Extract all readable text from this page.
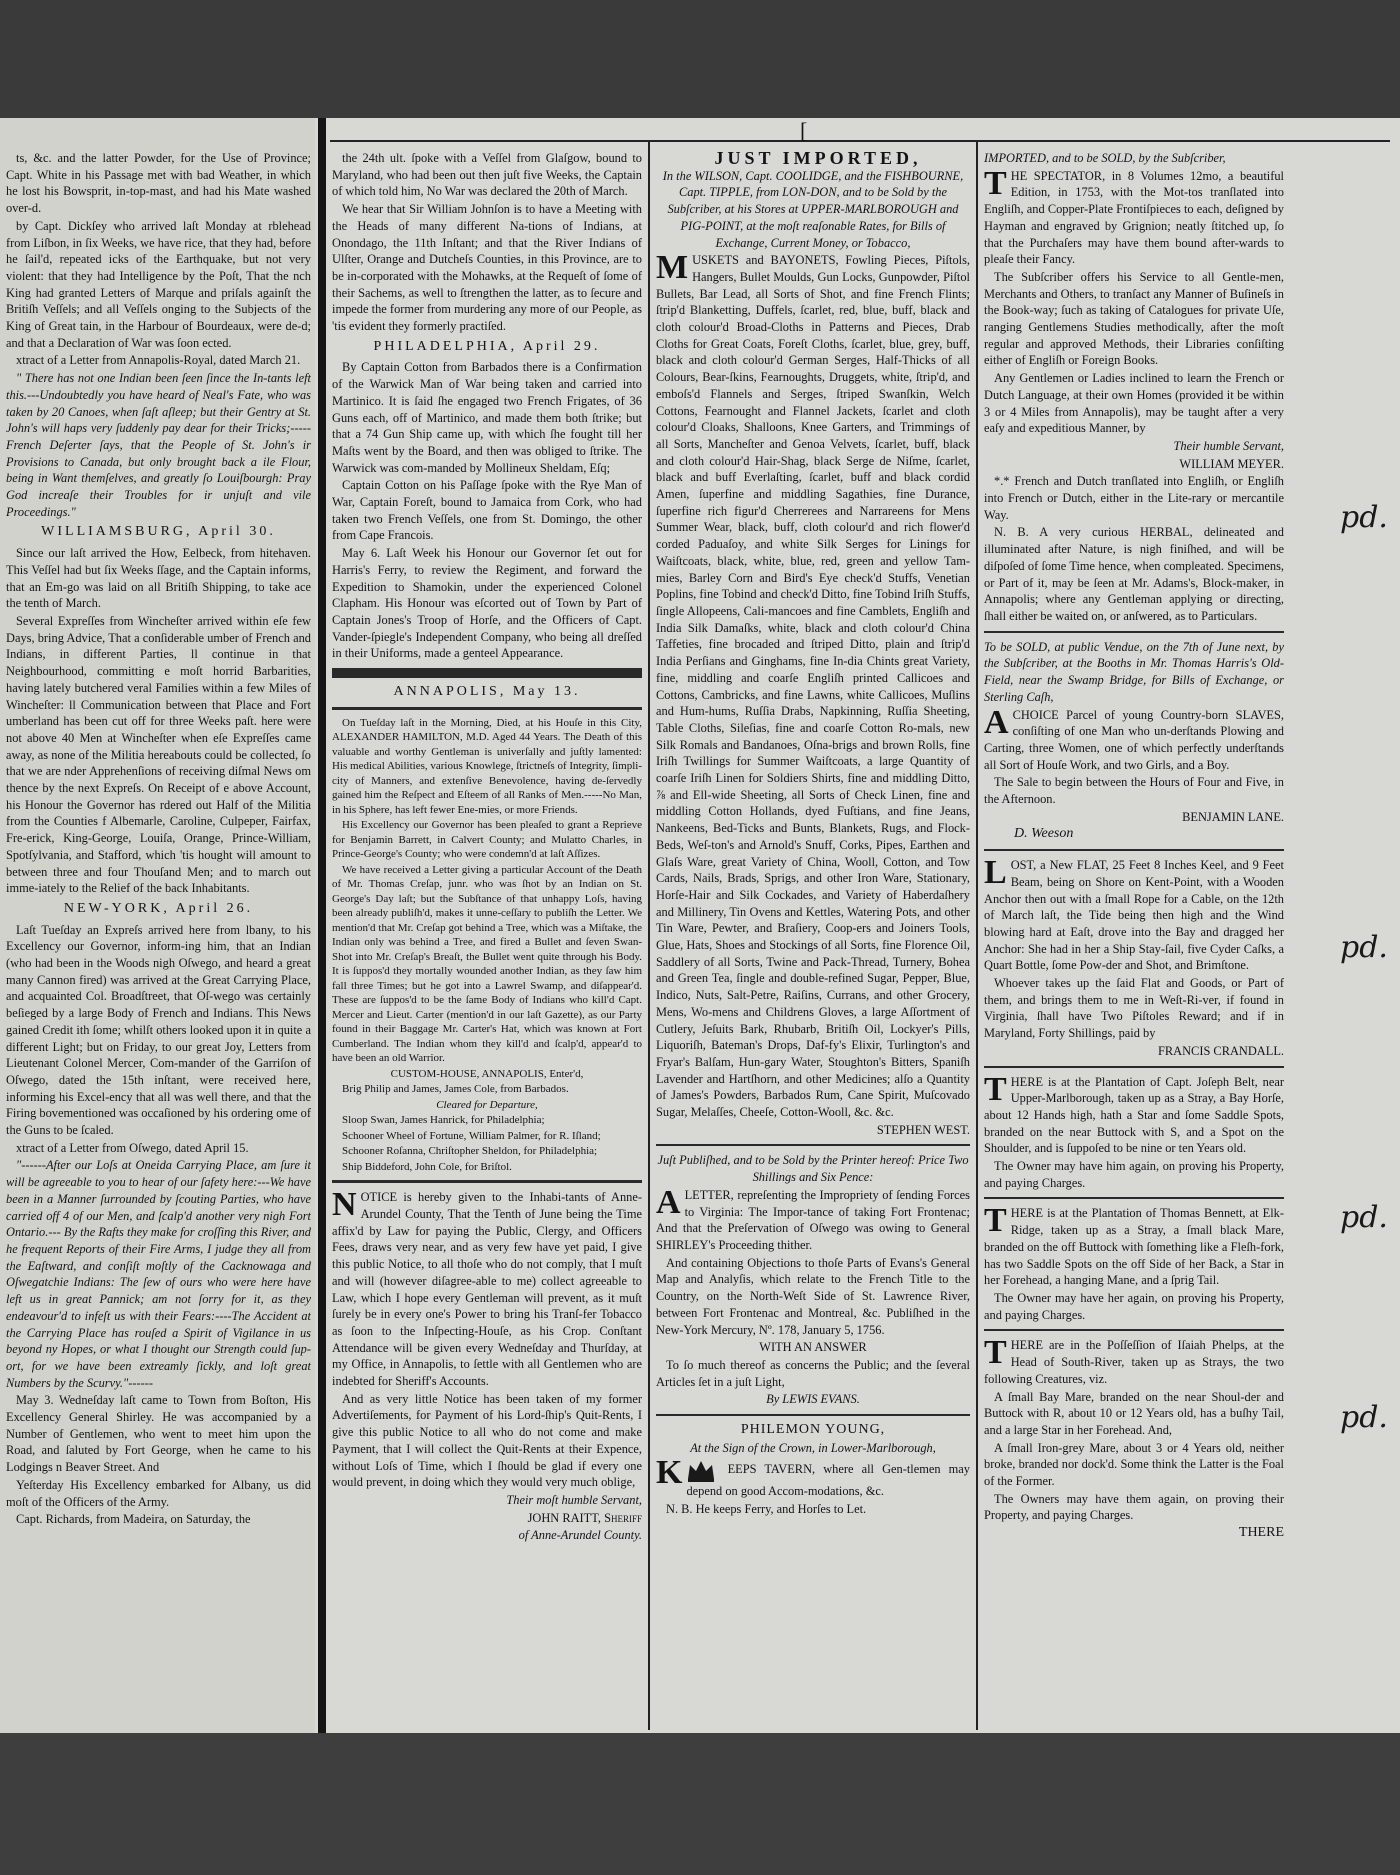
[

ts, &c. and the latter Powder, for the Use of Province; Capt. White in his Passage met with bad Weather, in which he lost his Bowsprit, in-top-mast, and had his Mate washed over-d.

by Capt. Dickſey who arrived laſt Monday at rblehead from Liſbon, in ſix Weeks, we have rice, that they had, before he ſail'd, repeated icks of the Earthquake, but not very violent: that they had Intelligence by the Poſt, That the nch King had granted Letters of Marque and priſals againſt the Britiſh Veſſels; and all Veſſels onging to the Subjects of the King of Great tain, in the Harbour of Bourdeaux, were de-d; and that a Declaration of War was ſoon ected.

xtract of a Letter from Annapolis-Royal, dated March 21.

" There has not one Indian been ſeen ſince the In-tants left this.---Undoubtedly you have heard of Neal's Fate, who was taken by 20 Canoes, when ſaſt aſleep; but their Gentry at St. John's will haps very ſuddenly pay dear for their Tricks;----- French Deſerter ſays, that the People of St. John's ir Provisions to Canada, but only brought back a ile Flour, being in Want themſelves, and greatly ſo Louiſbourgh: Pray God increaſe their Troubles for ir unjuſt and vile Proceedings."

WILLIAMSBURG, April 30.

Since our laſt arrived the How, Eelbeck, from hitehaven. This Veſſel had but ſix Weeks ſſage, and the Captain informs, that an Em-go was laid on all Britiſh Shipping, to take ace the tenth of March.

Several Expreſſes from Wincheſter arrived within eſe few Days, bring Advice, That a conſiderable umber of French and Indians, in different Parties, ll continue in that Neighbourhood, committing e moſt horrid Barbarities, having lately butchered veral Families within a few Miles of Wincheſter: ll Communication between that Place and Fort umberland has been cut off for three Weeks paſt. here were not above 40 Men at Wincheſter when eſe Expreſſes came away, as none of the Militia hereabouts could be collected, ſo that we are nder Apprehenſions of receiving diſmal News om thence by the next Expreſs. On Receipt of e above Account, his Honour the Governor has rdered out Half of the Militia from the Counties f Albemarle, Caroline, Culpeper, Fairfax, Fre-erick, King-George, Louiſa, Orange, Prince-William, Spotſylvania, and Stafford, which 'tis hought will amount to between three and four Thouſand Men; and to march out imme-iately to the Relief of the back Inhabitants.

NEW-YORK, April 26.

Laſt Tueſday an Expreſs arrived here from lbany, to his Excellency our Governor, inform-ing him, that an Indian (who had been in the Woods nigh Oſwego, and heard a great many Cannon fired) was arrived at the Great Carrying Place, and acquainted Col. Broadſtreet, that Oſ-wego was certainly beſieged by a large Body of French and Indians. This News gained Credit ith ſome; whilſt others looked upon it in quite a different Light; but on Friday, to our great Joy, Letters from Lieutenant Colonel Mercer, Com-mander of the Garriſon of Oſwego, dated the 15th inſtant, were received here, informing his Excel-ency that all was well there, and that the Firing bovementioned was occaſioned by his ordering ome of the Guns to be ſcaled.

xtract of a Letter from Oſwego, dated April 15.

"------After our Loſs at Oneida Carrying Place, am ſure it will be agreeable to you to hear of our ſafety here:---We have been in a Manner ſurrounded by ſcouting Parties, who have carried off 4 of our Men, and ſcalp'd another very nigh Fort Ontario.--- By the Rafts they make for croſſing this River, and he frequent Reports of their Fire Arms, I judge they all from the Eaſtward, and conſiſt moſtly of the Cacknowaga and Oſwegatchie Indians: The ſew of ours who were here have left us in great Pannick; am not ſorry for it, as they endeavour'd to infeſt us with their Fears:----The Accident at the Carrying Place has rouſed a Spirit of Vigilance in us beyond ny Hopes, or what I thought our Strength could ſup-ort, for we have been extreamly ſickly, and loſt great Numbers by the Scurvy."------

May 3. Wedneſday laſt came to Town from Boſton, His Excellency General Shirley. He was accompanied by a Number of Gentlemen, who went to meet him upon the Road, and ſaluted by Fort George, when he came to his Lodgings n Beaver Street. And

Yeſterday His Excellency embarked for Albany, us did moſt of the Officers of the Army.

Capt. Richards, from Madeira, on Saturday, the

the 24th ult. ſpoke with a Veſſel from Glaſgow, bound to Maryland, who had been out then juſt five Weeks, the Captain of which told him, No War was declared the 20th of March.

We hear that Sir William Johnſon is to have a Meeting with the Heads of many different Na-tions of Indians, at Onondago, the 11th Inſtant; and that the River Indians of Ulſter, Orange and Dutcheſs Counties, in this Province, are to be in-corporated with the Mohawks, at the Requeſt of ſome of their Sachems, as well to ſtrengthen the latter, as to ſecure and impede the former from murdering any more of our People, as 'tis evident they formerly practiſed.

PHILADELPHIA, April 29.

By Captain Cotton from Barbados there is a Confirmation of the Warwick Man of War being taken and carried into Martinico. It is ſaid ſhe engaged two French Frigates, of 36 Guns each, off of Martinico, and made them both ſtrike; but that a 74 Gun Ship came up, with which ſhe fought till her Maſts went by the Board, and then was obliged to ſtrike. The Warwick was com-manded by Mollineux Sheldam, Eſq;

Captain Cotton on his Paſſage ſpoke with the Rye Man of War, Captain Foreſt, bound to Jamaica from Cork, who had taken two French Veſſels, one from St. Domingo, the other from Cape Francois.

May 6. Laſt Week his Honour our Governor ſet out for Harris's Ferry, to review the Regiment, and forward the Expedition to Shamokin, under the experienced Colonel Clapham. His Honour was eſcorted out of Town by Part of Captain Jones's Troop of Horſe, and the Officers of Capt. Vander-ſpiegle's Independent Company, who being all dreſſed in their Uniforms, made a genteel Appearance.

ANNAPOLIS, May 13.

On Tueſday laſt in the Morning, Died, at his Houſe in this City, ALEXANDER HAMILTON, M.D. Aged 44 Years. The Death of this valuable and worthy Gentleman is univerſally and juſtly lamented: His medical Abilities, various Knowlege, ſtrictneſs of Integrity, ſimpli-city of Manners, and extenſive Benevolence, having de-ſervedly gained him the Reſpect and Eſteem of all Ranks of Men.-----No Man, in his Sphere, has left fewer Ene-mies, or more Friends.

His Excellency our Governor has been pleaſed to grant a Reprieve for Benjamin Barrett, in Calvert County; and Mulatto Charles, in Prince-George's County; who were condemn'd at laſt Aſſizes.

We have received a Letter giving a particular Account of the Death of Mr. Thomas Creſap, junr. who was ſhot by an Indian on St. George's Day laſt; but the Subſtance of that unhappy Loſs, having been already publiſh'd, makes it unne-ceſſary to publiſh the Letter. We mention'd that Mr. Creſap got behind a Tree, which was a Miſtake, the Indian only was behind a Tree, and fired a Bullet and ſeven Swan-Shot into Mr. Creſap's Breaſt, the Bullet went quite through his Body. It is ſuppos'd they mortally wounded another Indian, as they ſaw him fall three Times; but he got into a Lawrel Swamp, and diſappear'd. These are ſuppos'd to be the ſame Body of Indians who kill'd Capt. Mercer and Lieut. Carter (mention'd in our laſt Gazette), as our Party found in their Baggage Mr. Carter's Hat, which was known at Fort Cumberland. The Indian whom they kill'd and ſcalp'd, appear'd to have been an old Warrior.

CUSTOM-HOUSE, ANNAPOLIS, Enter'd,

Brig Philip and James, James Cole, from Barbados.

Cleared for Departure,

Sloop Swan, James Hanrick, for Philadelphia;

Schooner Wheel of Fortune, William Palmer, for R. Iſland;

Schooner Roſanna, Chriſtopher Sheldon, for Philadelphia;

Ship Biddeford, John Cole, for Briſtol.

NOTICE is hereby given to the Inhabi-tants of Anne-Arundel County, That the Tenth of June being the Time affix'd by Law for paying the Public, Clergy, and Officers Fees, draws very near, and as very few have yet paid, I give this public Notice, to all thoſe who do not comply, that I muſt and will (however diſagree-able to me) collect agreeable to Law, which I hope every Gentleman will prevent, as it muſt ſurely be in every one's Power to bring his Tranſ-fer Tobacco as ſoon to the Inſpecting-Houſe, as his Crop. Conſtant Attendance will be given every Wedneſday and Thurſday, at my Office, in Annapolis, to ſettle with all Gentlemen who are indebted for Sheriff's Accounts.

And as very little Notice has been taken of my former Advertiſements, for Payment of his Lord-ſhip's Quit-Rents, I give this public Notice to all who do not come and make Payment, that I will collect the Quit-Rents at their Expence, without Loſs of Time, which I ſhould be glad if every one would prevent, in doing which they would very much oblige,

Their moſt humble Servant,

JOHN RAITT, Sheriff

of Anne-Arundel County.

JUST IMPORTED,

In the WILSON, Capt. COOLIDGE, and the FISHBOURNE, Capt. TIPPLE, from LON-DON, and to be Sold by the Subſcriber, at his Stores at UPPER-MARLBOROUGH and PIG-POINT, at the moſt reaſonable Rates, for Bills of Exchange, Current Money, or Tobacco,

MUSKETS and BAYONETS, Fowling Pieces, Piſtols, Hangers, Bullet Moulds, Gun Locks, Gunpowder, Piſtol Bullets, Bar Lead, all Sorts of Shot, and fine French Flints; ſtrip'd Blanketting, Duffels, ſcarlet, red, blue, buff, black and cloth colour'd Broad-Cloths in Patterns and Pieces, Drab Cloths for Great Coats, Foreſt Cloths, ſcarlet, blue, grey, buff, black and cloth colour'd German Serges, Half-Thicks of all Colours, Bear-ſkins, Fearnoughts, Druggets, white, ſtrip'd, and emboſs'd Flannels and Serges, ſtriped Swanſkin, Welch Cottons, Fearnought and Flannel Jackets, ſcarlet and cloth colour'd Cloaks, Shalloons, Knee Garters, and Trimmings of all Sorts, Mancheſter and Genoa Velvets, ſcarlet, buff, black and cloth colour'd Hair-Shag, black Serge de Niſme, ſcarlet, black and buff Everlaſting, ſcarlet, buff and black cordid Amen, ſuperfine and middling Sagathies, fine Durance, ſuperfine rich figur'd Cherrerees and Narrareens for Mens Summer Wear, black, buff, cloth colour'd and rich flower'd corded Paduaſoy, and white Silk Serges for Linings for Waiſtcoats, black, white, blue, red, green and yellow Tam-mies, Barley Corn and Bird's Eye check'd Stuffs, Venetian Poplins, fine Tobind and check'd Ditto, fine Tobind Iriſh Stuffs, ſingle Allopeens, Cali-mancoes and fine Camblets, Engliſh and India Silk Damaſks, white, black and cloth colour'd China Taffeties, fine brocaded and ſtriped Ditto, plain and ſtrip'd India Perſians and Ginghams, fine In-dia Chints great Variety, fine, middling and coarſe Engliſh printed Callicoes and Cottons, Cambricks, and fine Lawns, white Callicoes, Muſlins and Hum-hums, Ruſſia Drabs, Napkinning, Ruſſia Sheeting, Table Cloths, Sileſias, fine and coarſe Cotton Ro-mals, new Silk Romals and Bandanoes, Oſna-brigs and brown Rolls, fine Iriſh Twillings for Summer Waiſtcoats, a large Quantity of coarſe Iriſh Linen for Soldiers Shirts, fine and middling Ditto, ⅞ and Ell-wide Sheeting, all Sorts of Check Linen, fine and middling Cotton Hollands, dyed Fuſtians, and fine Jeans, Nankeens, Bed-Ticks and Bunts, Blankets, Rugs, and Flock-Beds, Weſ-ton's and Arnold's Snuff, Corks, Pipes, Earthen and Glaſs Ware, great Variety of China, Wooll, Cotton, and Tow Cards, Nails, Brads, Sprigs, and other Iron Ware, Stationary, Horſe-Hair and Silk Cockades, and Variety of Haberdaſhery and Millinery, Tin Ovens and Kettles, Watering Pots, and other Tin Ware, Pewter, and Braſiery, Coop-ers and Joiners Tools, Glue, Hats, Shoes and Stockings of all Sorts, fine Florence Oil, Saddlery of all Sorts, Twine and Pack-Thread, Turnery, Bohea and Green Tea, ſingle and double-refined Sugar, Pepper, Blue, Indico, Nuts, Salt-Petre, Raiſins, Currans, and other Grocery, Mens, Wo-mens and Childrens Gloves, a large Aſſortment of Cutlery, Jeſuits Bark, Rhubarb, Britiſh Oil, Lockyer's Pills, Liquoriſh, Bateman's Drops, Daf-fy's Elixir, Turlington's and Fryar's Balſam, Hun-gary Water, Stoughton's Bitters, Spaniſh Lavender and Hartſhorn, and other Medicines; alſo a Quantity of James's Powders, Barbados Rum, Cane Spirit, Muſcovado Sugar, Melaſſes, Cheeſe, Cotton-Wooll, &c. &c.

STEPHEN WEST.

Juſt Publiſhed, and to be Sold by the Printer hereof: Price Two Shillings and Six Pence:

ALETTER, repreſenting the Impropriety of ſending Forces to Virginia: The Impor-tance of taking Fort Frontenac; And that the Preſervation of Oſwego was owing to General SHIRLEY's Proceeding thither.

And containing Objections to thoſe Parts of Evans's General Map and Analyſis, which relate to the French Title to the Country, on the North-Weſt Side of St. Lawrence River, between Fort Frontenac and Montreal, &c. Publiſhed in the New-York Mercury, Nº. 178, January 5, 1756.

WITH AN ANSWER

To ſo much thereof as concerns the Public; and the ſeveral Articles ſet in a juſt Light,

By LEWIS EVANS.

PHILEMON YOUNG,

At the Sign of the Crown, in Lower-Marlborough,

K	EEPS TAVERN, where all Gen-tlemen may depend on good Accom-modations, &c.

N. B. He keeps Ferry, and Horſes to Let.

IMPORTED, and to be SOLD, by the Subſcriber,

THE SPECTATOR, in 8 Volumes 12mo, a beautiful Edition, in 1753, with the Mot-tos tranſlated into Engliſh, and Copper-Plate Frontiſpieces to each, deſigned by Hayman and engraved by Grignion; neatly ſtitched up, ſo that the Purchaſers may have them bound after-wards to pleaſe their Fancy.

The Subſcriber offers his Service to all Gentle-men, Merchants and Others, to tranſact any Manner of Buſineſs in the Book-way; ſuch as taking of Catalogues for private Uſe, ranging Gentlemens Studies methodically, after the moſt regular and approved Methods, their Libraries conſiſting either of Engliſh or Foreign Books.

Any Gentlemen or Ladies inclined to learn the French or Dutch Language, at their own Homes (provided it be within 3 or 4 Miles from Annapolis), may be taught after a very eaſy and expeditious Manner, by

Their humble Servant,

WILLIAM MEYER.

*.* French and Dutch tranſlated into Engliſh, or Engliſh into French or Dutch, either in the Lite-rary or mercantile Way.

N. B. A very curious HERBAL, delineated and illuminated after Nature, is nigh finiſhed, and will be diſpoſed of ſome Time hence, when compleated. Specimens, or Part of it, may be ſeen at Mr. Adams's, Block-maker, in Annapolis; where any Gentleman applying or directing, ſhall either be waited on, or anſwered, as to Particulars.

To be SOLD, at public Vendue, on the 7th of June next, by the Subſcriber, at the Booths in Mr. Thomas Harris's Old-Field, near the Swamp Bridge, for Bills of Exchange, or Sterling Caſh,

ACHOICE Parcel of young Country-born SLAVES, conſiſting of one Man who un-derſtands Plowing and Carting, three Women, one of which perfectly underſtands all Sort of Houſe Work, and two Girls, and a Boy.

The Sale to begin between the Hours of Four and Five, in the Afternoon.

BENJAMIN LANE.

D. Weeson

LOST, a New FLAT, 25 Feet 8 Inches Keel, and 9 Feet Beam, being on Shore on Kent-Point, with a Wooden Anchor then out with a ſmall Rope for a Cable, on the 12th of March laſt, the Tide being then high and the Wind blowing hard at Eaſt, drove into the Bay and dragged her Anchor: She had in her a Ship Stay-ſail, five Cyder Caſks, a Quart Bottle, ſome Pow-der and Shot, and Brimſtone.

Whoever takes up the ſaid Flat and Goods, or Part of them, and brings them to me in Weſt-Ri-ver, if found in Virginia, ſhall have Two Piſtoles Reward; and if in Maryland, Forty Shillings, paid by

FRANCIS CRANDALL.

THERE is at the Plantation of Capt. Joſeph Belt, near Upper-Marlborough, taken up as a Stray, a Bay Horſe, about 12 Hands high, hath a Star and ſome Saddle Spots, branded on the near Buttock with S, and a Spot on the Shoulder, and is ſuppoſed to be nine or ten Years old.

The Owner may have him again, on proving his Property, and paying Charges.

THERE is at the Plantation of Thomas Bennett, at Elk-Ridge, taken up as a Stray, a ſmall black Mare, branded on the off Buttock with ſomething like a Fleſh-fork, has two Saddle Spots on the off Side of her Back, a Star in her Forehead, a hanging Mane, and a ſprig Tail.

The Owner may have her again, on proving his Property, and paying Charges.

THERE are in the Poſſeſſion of Iſaiah Phelps, at the Head of South-River, taken up as Strays, the two following Creatures, viz.

A ſmall Bay Mare, branded on the near Shoul-der and Buttock with R, about 10 or 12 Years old, has a buſhy Tail, and a large Star in her Forehead. And,

A ſmall Iron-grey Mare, about 3 or 4 Years old, neither broke, branded nor dock'd. Some think the Latter is the Foal of the Former.

The Owners may have them again, on proving their Property, and paying Charges.

THERE

pd.
pd.
pd.
pd.
